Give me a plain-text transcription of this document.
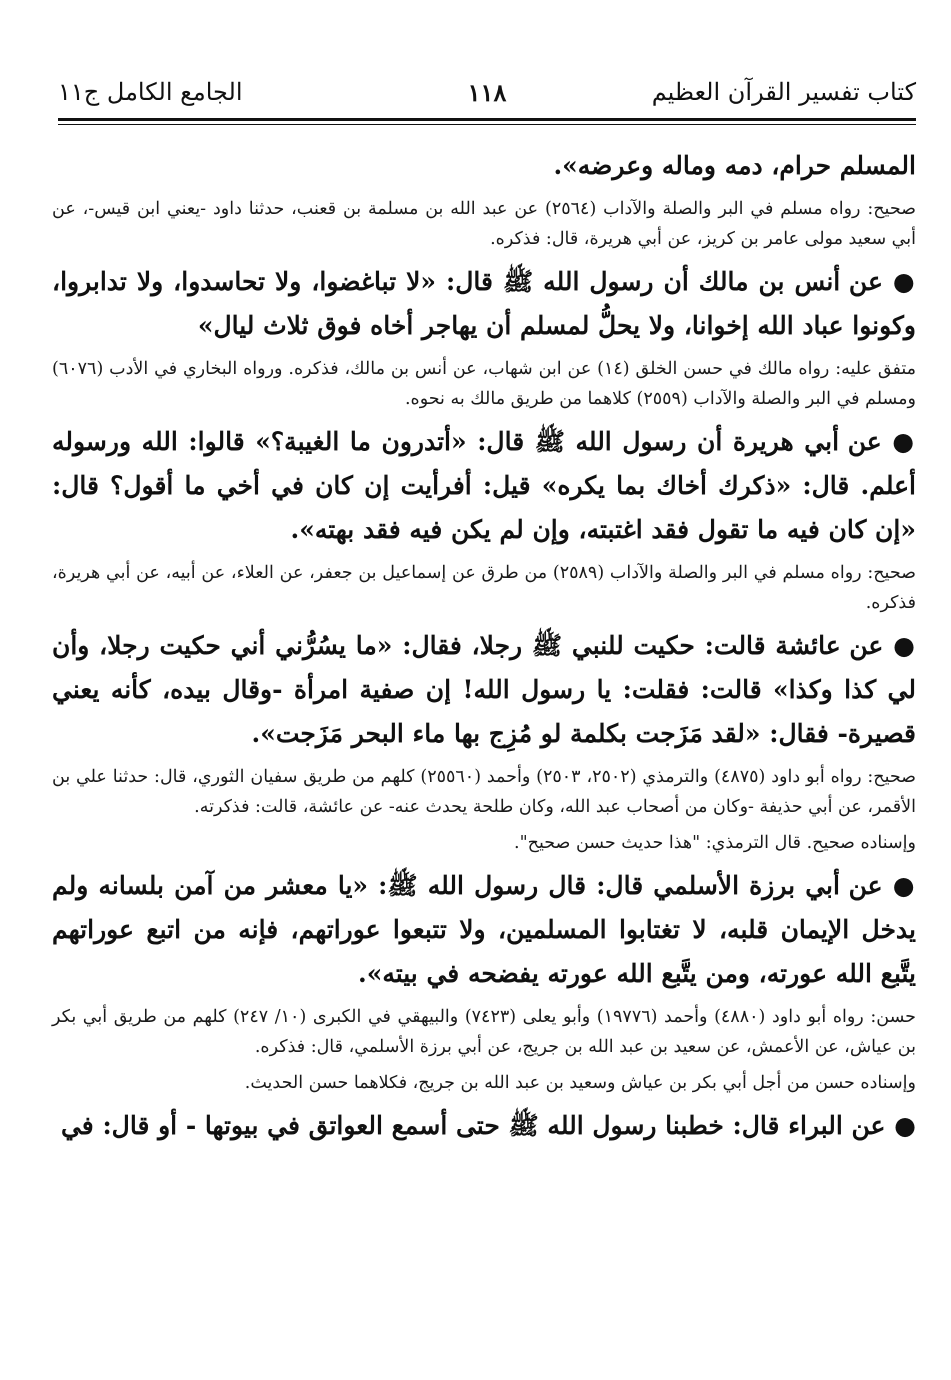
كتاب تفسير القرآن العظيم
١١٨
الجامع الكامل ج١١

المسلم حرام، دمه وماله وعرضه».

صحيح: رواه مسلم في البر والصلة والآداب (٢٥٦٤) عن عبد الله بن مسلمة بن قعنب، حدثنا داود -يعني ابن قيس-، عن أبي سعيد مولى عامر بن كريز، عن أبي هريرة، قال: فذكره.

● عن أنس بن مالك أن رسول الله ﷺ قال: «لا تباغضوا، ولا تحاسدوا، ولا تدابروا، وكونوا عباد الله إخوانا، ولا يحلُّ لمسلم أن يهاجر أخاه فوق ثلاث ليال»

متفق عليه: رواه مالك في حسن الخلق (١٤) عن ابن شهاب، عن أنس بن مالك، فذكره. ورواه البخاري في الأدب (٦٠٧٦) ومسلم في البر والصلة والآداب (٢٥٥٩) كلاهما من طريق مالك به نحوه.

● عن أبي هريرة أن رسول الله ﷺ قال: «أتدرون ما الغيبة؟» قالوا: الله ورسوله أعلم. قال: «ذكرك أخاك بما يكره» قيل: أفرأيت إن كان في أخي ما أقول؟ قال: «إن كان فيه ما تقول فقد اغتبته، وإن لم يكن فيه فقد بهته».

صحيح: رواه مسلم في البر والصلة والآداب (٢٥٨٩) من طرق عن إسماعيل بن جعفر، عن العلاء، عن أبيه، عن أبي هريرة، فذكره.

● عن عائشة قالت: حكيت للنبي ﷺ رجلا، فقال: «ما يسُرُّني أني حكيت رجلا، وأن لي كذا وكذا» قالت: فقلت: يا رسول الله! إن صفية امرأة -وقال بيده، كأنه يعني قصيرة- فقال: «لقد مَزَجت بكلمة لو مُزِج بها ماء البحر مَزَجت».

صحيح: رواه أبو داود (٤٨٧٥) والترمذي (٢٥٠٢، ٢٥٠٣) وأحمد (٢٥٥٦٠) كلهم من طريق سفيان الثوري، قال: حدثنا علي بن الأقمر، عن أبي حذيفة -وكان من أصحاب عبد الله، وكان طلحة يحدث عنه- عن عائشة، قالت: فذكرته.

وإسناده صحيح. قال الترمذي: "هذا حديث حسن صحيح".

● عن أبي برزة الأسلمي قال: قال رسول الله ﷺ: «يا معشر من آمن بلسانه ولم يدخل الإيمان قلبه، لا تغتابوا المسلمين، ولا تتبعوا عوراتهم، فإنه من اتبع عوراتهم يتَّبع الله عورته، ومن يتَّبع الله عورته يفضحه في بيته».

حسن: رواه أبو داود (٤٨٨٠) وأحمد (١٩٧٧٦) وأبو يعلى (٧٤٢٣) والبيهقي في الكبرى (١٠/ ٢٤٧) كلهم من طريق أبي بكر بن عياش، عن الأعمش، عن سعيد بن عبد الله بن جريج، عن أبي برزة الأسلمي، قال: فذكره.

وإسناده حسن من أجل أبي بكر بن عياش وسعيد بن عبد الله بن جريج، فكلاهما حسن الحديث.

● عن البراء قال: خطبنا رسول الله ﷺ حتى أسمع العواتق في بيوتها - أو قال: في
